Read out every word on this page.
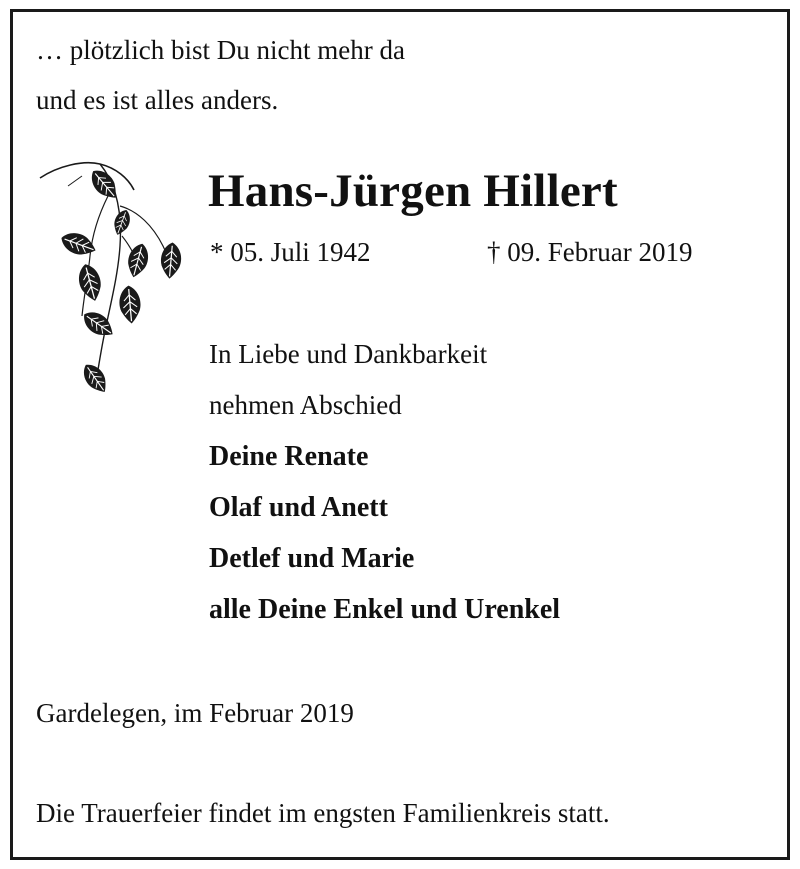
… plötzlich bist Du nicht mehr da
und es ist alles anders.
Hans-Jürgen Hillert
* 05. Juli 1942	† 09. Februar 2019
In Liebe und Dankbarkeit
nehmen Abschied
Deine Renate
Olaf und Anett
Detlef und Marie
alle Deine Enkel und Urenkel
Gardelegen, im Februar 2019
Die Trauerfeier findet im engsten Familienkreis statt.
